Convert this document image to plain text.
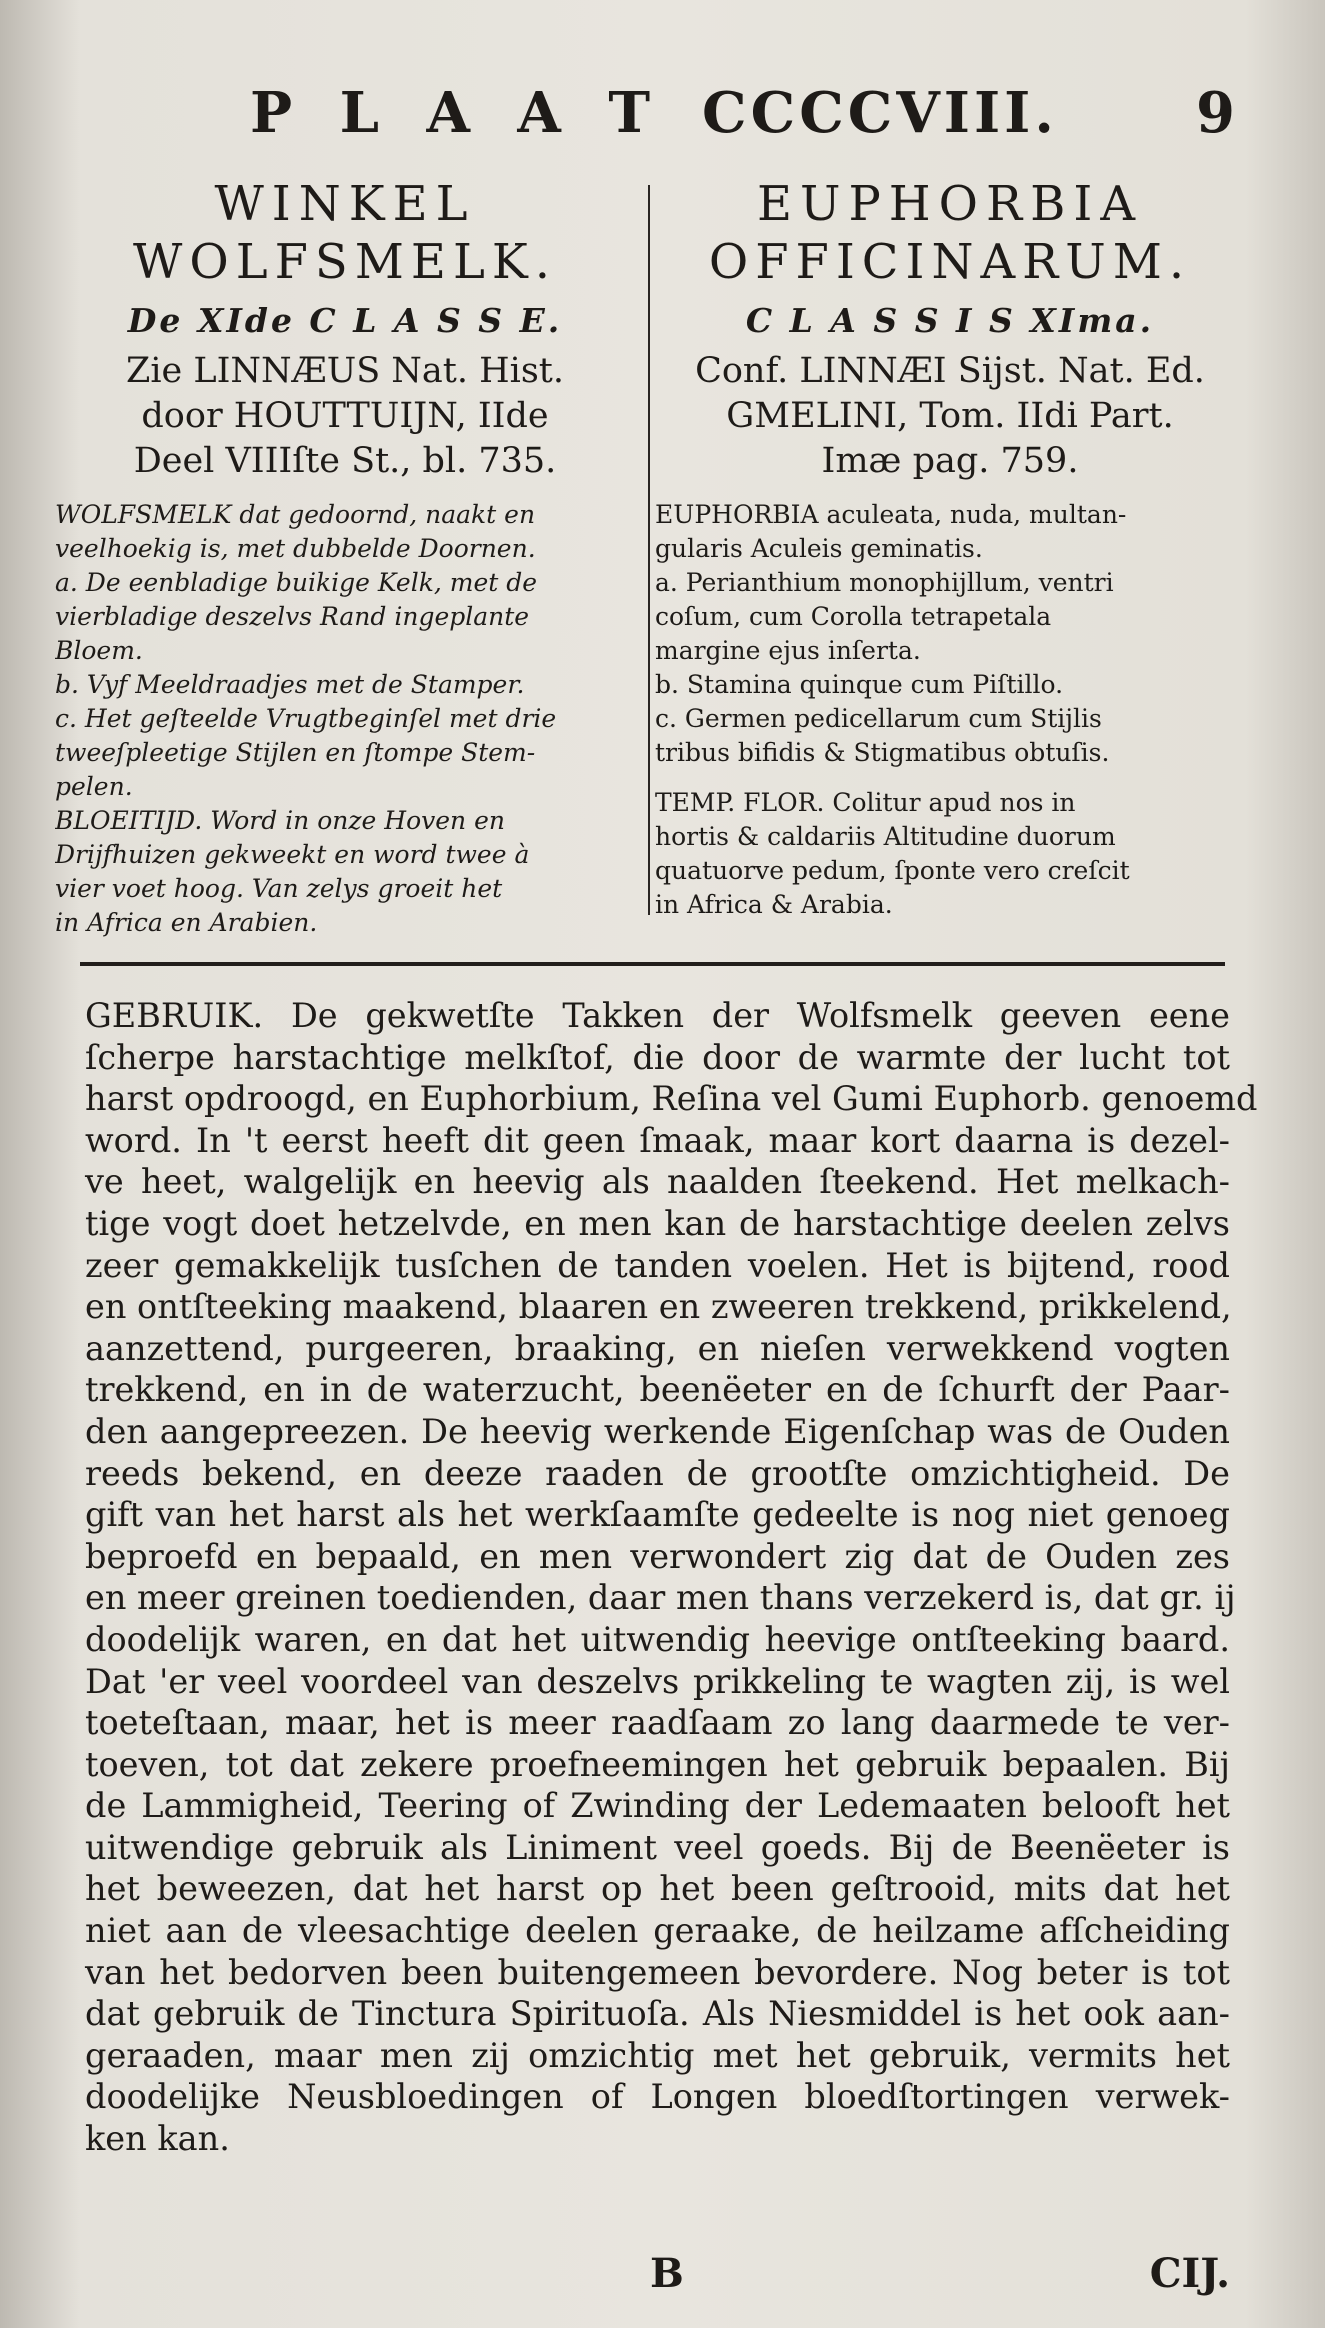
P L A A T CCCCVIII. 9
WINKEL
WOLFSMELK.
De XIde C L A S S E.
Zie LINNÆUS Nat. Hist.
door HOUTTUIJN, IIde
Deel VIIIſte St., bl. 735.

WOLFSMELK dat gedoornd, naakt en

veelhoekig is, met dubbelde Doornen.

a. De eenbladige buikige Kelk, met de

vierbladige deszelvs Rand ingeplante

Bloem.

b. Vyf Meeldraadjes met de Stamper.

c. Het geſteelde Vrugtbeginſel met drie

tweeſpleetige Stijlen en ſtompe Stem-

pelen.

BLOEITIJD. Word in onze Hoven en

Drijfhuizen gekweekt en word twee à

vier voet hoog. Van zelys groeit het

in Africa en Arabien.

EUPHORBIA
OFFICINARUM.
C L A S S I S XIma.
Conf. LINNÆI Sijst. Nat. Ed.
GMELINI, Tom. IIdi Part.
Imæ pag. 759.

EUPHORBIA aculeata, nuda, multan-

gularis Aculeis geminatis.

a. Perianthium monophijllum, ventri

coſum, cum Corolla tetrapetala

margine ejus inſerta.

b. Stamina quinque cum Piſtillo.

c. Germen pedicellarum cum Stijlis

tribus bifidis & Stigmatibus obtuſis.

TEMP. FLOR. Colitur apud nos in

hortis & caldariis Altitudine duorum

quatuorve pedum, ſponte vero creſcit

in Africa & Arabia.

GEBRUIK. De gekwetſte Takken der Wolfsmelk geeven eene

ſcherpe harstachtige melkſtof, die door de warmte der lucht tot

harst opdroogd, en Euphorbium, Reſina vel Gumi Euphorb. genoemd

word. In 't eerst heeft dit geen ſmaak, maar kort daarna is dezel-

ve heet, walgelijk en heevig als naalden ſteekend. Het melkach-

tige vogt doet hetzelvde, en men kan de harstachtige deelen zelvs

zeer gemakkelijk tusſchen de tanden voelen. Het is bijtend, rood

en ontſteeking maakend, blaaren en zweeren trekkend, prikkelend,

aanzettend, purgeeren, braaking, en nieſen verwekkend vogten

trekkend, en in de waterzucht, beenëeter en de ſchurft der Paar-

den aangepreezen. De heevig werkende Eigenſchap was de Ouden

reeds bekend, en deeze raaden de grootſte omzichtigheid. De

gift van het harst als het werkſaamſte gedeelte is nog niet genoeg

beproefd en bepaald, en men verwondert zig dat de Ouden zes

en meer greinen toedienden, daar men thans verzekerd is, dat gr. ij

doodelijk waren, en dat het uitwendig heevige ontſteeking baard.

Dat 'er veel voordeel van deszelvs prikkeling te wagten zij, is wel

toeteſtaan, maar, het is meer raadſaam zo lang daarmede te ver-

toeven, tot dat zekere proefneemingen het gebruik bepaalen. Bij

de Lammigheid, Teering of Zwinding der Ledemaaten belooft het

uitwendige gebruik als Liniment veel goeds. Bij de Beenëeter is

het beweezen, dat het harst op het been geſtrooid, mits dat het

niet aan de vleesachtige deelen geraake, de heilzame afſcheiding

van het bedorven been buitengemeen bevordere. Nog beter is tot

dat gebruik de Tinctura Spirituoſa. Als Niesmiddel is het ook aan-

geraaden, maar men zij omzichtig met het gebruik, vermits het

doodelijke Neusbloedingen of Longen bloedſtortingen verwek-

ken kan.

B	CIJ.
